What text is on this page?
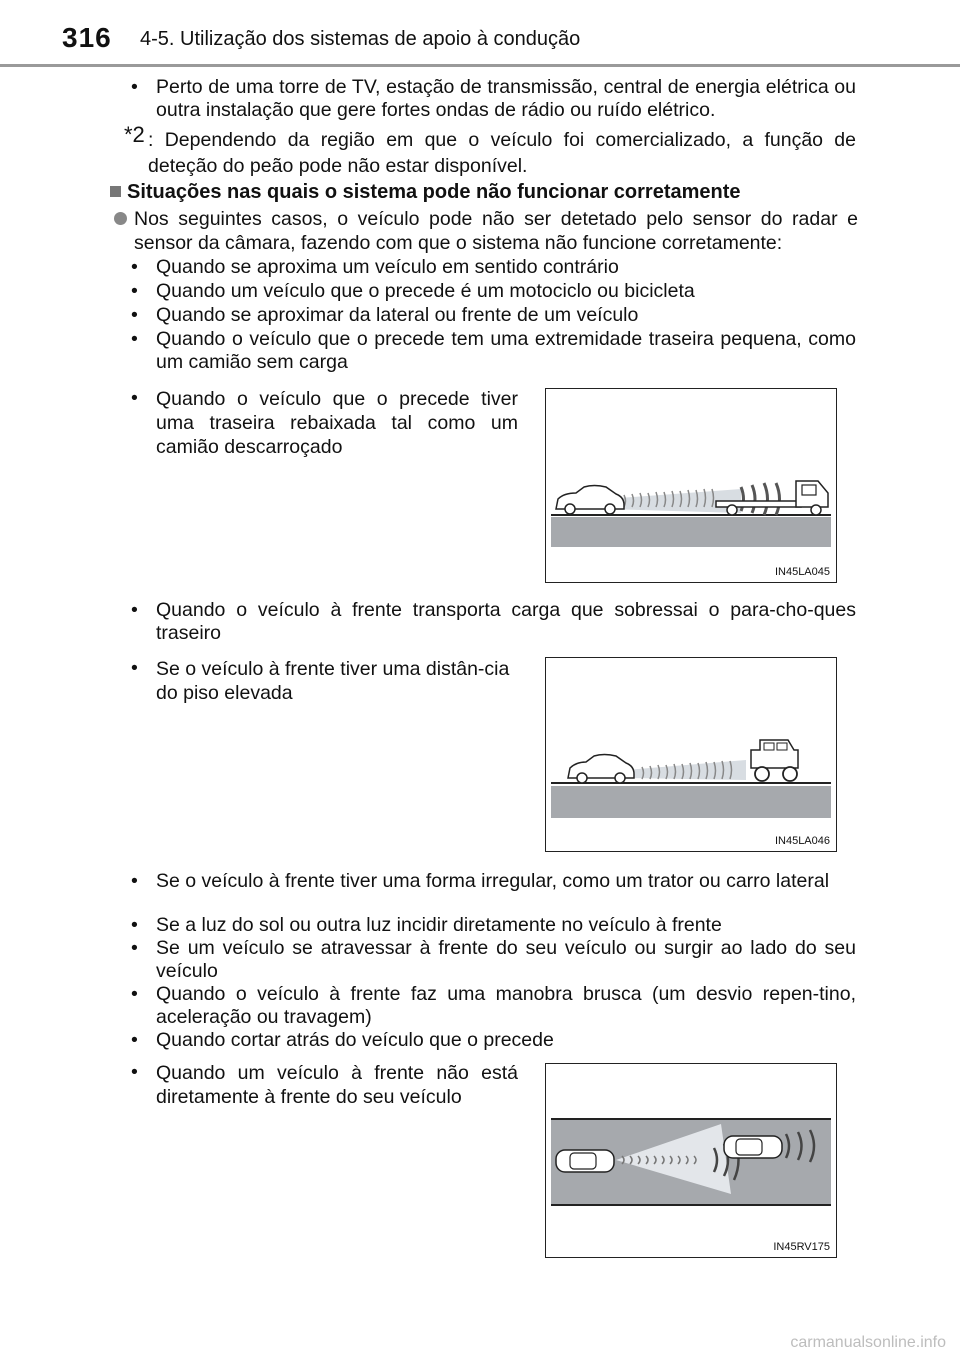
316 4-5. Utilização dos sistemas de apoio à condução
• Perto de uma torre de TV, estação de transmissão, central de energia elétrica ou outra instalação que gere fortes ondas de rádio ou ruído elétrico.
*2 : Dependendo da região em que o veículo foi comercializado, a função de deteção do peão pode não estar disponível.
Situações nas quais o sistema pode não funcionar corretamente
Nos seguintes casos, o veículo pode não ser detetado pelo sensor do radar e sensor da câmara, fazendo com que o sistema não funcione corretamente:
• Quando se aproxima um veículo em sentido contrário
• Quando um veículo que o precede é um motociclo ou bicicleta
• Quando se aproximar da lateral ou frente de um veículo
• Quando o veículo que o precede tem uma extremidade traseira pequena, como um camião sem carga
• Quando o veículo que o precede tiver uma traseira rebaixada tal como um camião descarroçado
IN45LA045
• Quando o veículo à frente transporta carga que sobressai o para-cho-ques traseiro
• Se o veículo à frente tiver uma distân-cia do piso elevada
IN45LA046
• Se o veículo à frente tiver uma forma irregular, como um trator ou carro lateral
• Se a luz do sol ou outra luz incidir diretamente no veículo à frente
• Se um veículo se atravessar à frente do seu veículo ou surgir ao lado do seu veículo
• Quando o veículo à frente faz uma manobra brusca (um desvio repen-tino, aceleração ou travagem)
• Quando cortar atrás do veículo que o precede
• Quando um veículo à frente não está diretamente à frente do seu veículo
IN45RV175
carmanualsonline.info
